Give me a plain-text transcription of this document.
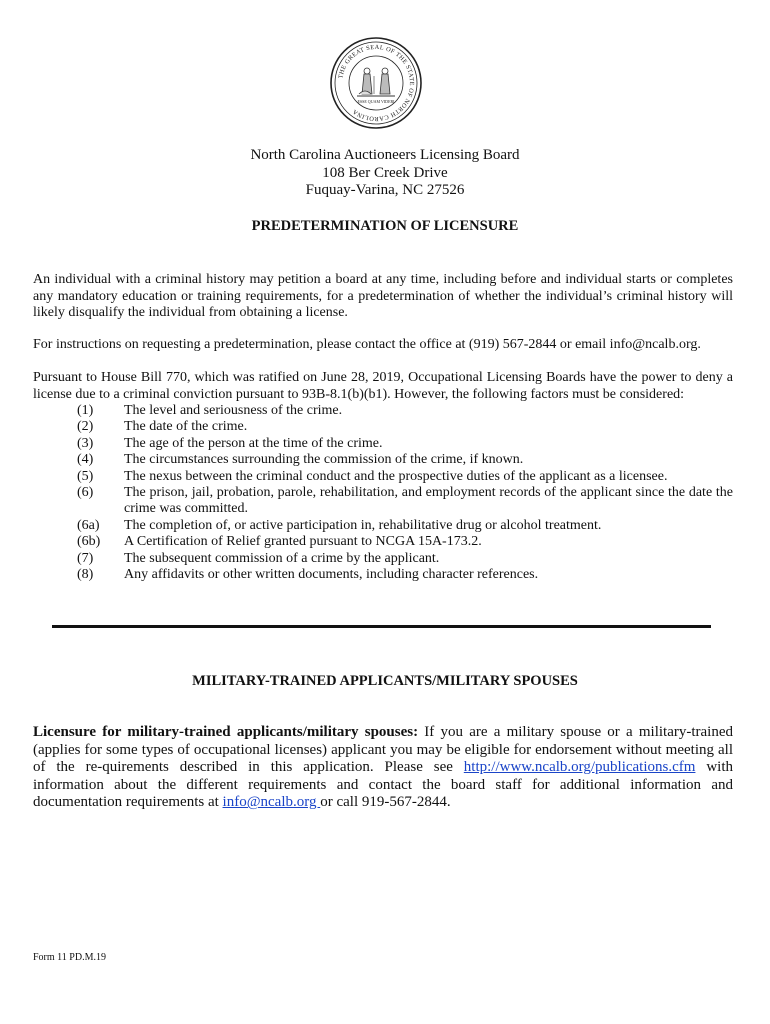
THE GREAT SEAL OF THE STATE OF NORTH CAROLINA
ESSE QUAM VIDERI
North Carolina Auctioneers Licensing Board
108 Ber Creek Drive
Fuquay-Varina, NC 27526
PREDETERMINATION OF LICENSURE
An individual with a criminal history may petition a board at any time, including before and individual starts or completes any mandatory education or training requirements, for a predetermination of whether the individual’s criminal history will likely disqualify the individual from obtaining a license.
For instructions on requesting a predetermination, please contact the office at (919) 567-2844 or email info@ncalb.org.
Pursuant to House Bill 770, which was ratified on June 28, 2019, Occupational Licensing Boards have the power to deny a license due to a criminal conviction pursuant to 93B-8.1(b)(b1). However, the following factors must be considered:
(1)	The level and seriousness of the crime.
(2)	The date of the crime.
(3)	The age of the person at the time of the crime.
(4)	The circumstances surrounding the commission of the crime, if known.
(5)	The nexus between the criminal conduct and the prospective duties of the applicant as a licensee.
(6)	The prison, jail, probation, parole, rehabilitation, and employment records of the applicant since the date the crime was committed.
(6a)	The completion of, or active participation in, rehabilitative drug or alcohol treatment.
(6b)	A Certification of Relief granted pursuant to NCGA 15A-173.2.
(7)	The subsequent commission of a crime by the applicant.
(8)	Any affidavits or other written documents, including character references.
MILITARY-TRAINED APPLICANTS/MILITARY SPOUSES
Licensure for military-trained applicants/military spouses: If you are a military spouse or a military-trained (applies for some types of occupational licenses) applicant you may be eligible for endorsement without meeting all of the re-quirements described in this application. Please see http://www.ncalb.org/publications.cfm with information about the different requirements and contact the board staff for additional information and documentation requirements at info@ncalb.org or call 919-567-2844.
Form 11 PD.M.19
